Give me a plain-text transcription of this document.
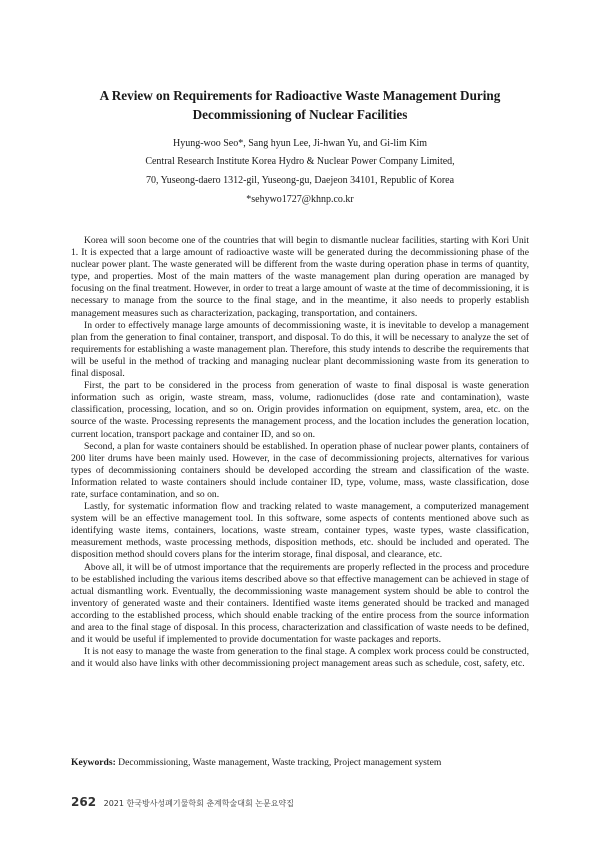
A Review on Requirements for Radioactive Waste Management During
Decommissioning of Nuclear Facilities
Hyung-woo Seo*, Sang hyun Lee, Ji-hwan Yu, and Gi-lim Kim
Central Research Institute Korea Hydro & Nuclear Power Company Limited,
70, Yuseong-daero 1312-gil, Yuseong-gu, Daejeon 34101, Republic of Korea
*sehywo1727@khnp.co.kr

Korea will soon become one of the countries that will begin to dismantle nuclear facilities, starting with Kori Unit 1. It is expected that a large amount of radioactive waste will be generated during the decommissioning phase of the nuclear power plant. The waste generated will be different from the waste during operation phase in terms of quantity, type, and properties. Most of the main matters of the waste management plan during operation are managed by focusing on the final treatment. However, in order to treat a large amount of waste at the time of decommissioning, it is necessary to manage from the source to the final stage, and in the meantime, it also needs to properly establish management measures such as characterization, packaging, transportation, and containers.

In order to effectively manage large amounts of decommissioning waste, it is inevitable to develop a management plan from the generation to final container, transport, and disposal. To do this, it will be necessary to analyze the set of requirements for establishing a waste management plan. Therefore, this study intends to describe the requirements that will be useful in the method of tracking and managing nuclear plant decommissioning waste from its generation to final disposal.

First, the part to be considered in the process from generation of waste to final disposal is waste generation information such as origin, waste stream, mass, volume, radionuclides (dose rate and contamination), waste classification, processing, location, and so on. Origin provides information on equipment, system, area, etc. on the source of the waste. Processing represents the management process, and the location includes the generation location, current location, transport package and container ID, and so on.

Second, a plan for waste containers should be established. In operation phase of nuclear power plants, containers of 200 liter drums have been mainly used. However, in the case of decommissioning projects, alternatives for various types of decommissioning containers should be developed according the stream and classification of the waste. Information related to waste containers should include container ID, type, volume, mass, waste classification, dose rate, surface contamination, and so on.

Lastly, for systematic information flow and tracking related to waste management, a computerized management system will be an effective management tool. In this software, some aspects of contents mentioned above such as identifying waste items, containers, locations, waste stream, container types, waste types, waste classification, measurement methods, waste processing methods, disposition methods, etc. should be included and operated. The disposition method should covers plans for the interim storage, final disposal, and clearance, etc.

Above all, it will be of utmost importance that the requirements are properly reflected in the process and procedure to be established including the various items described above so that effective management can be achieved in stage of actual dismantling work. Eventually, the decommissioning waste management system should be able to control the inventory of generated waste and their containers. Identified waste items generated should be tracked and managed according to the established process, which should enable tracking of the entire process from the source information and area to the final stage of disposal. In this process, characterization and classification of waste needs to be defined, and it would be useful if implemented to provide documentation for waste packages and reports.

It is not easy to manage the waste from generation to the final stage. A complex work process could be constructed, and it would also have links with other decommissioning project management areas such as schedule, cost, safety, etc.

Keywords: Decommissioning, Waste management, Waste tracking, Project management system
262 2021 한국방사성폐기물학회 춘계학술대회 논문요약집
